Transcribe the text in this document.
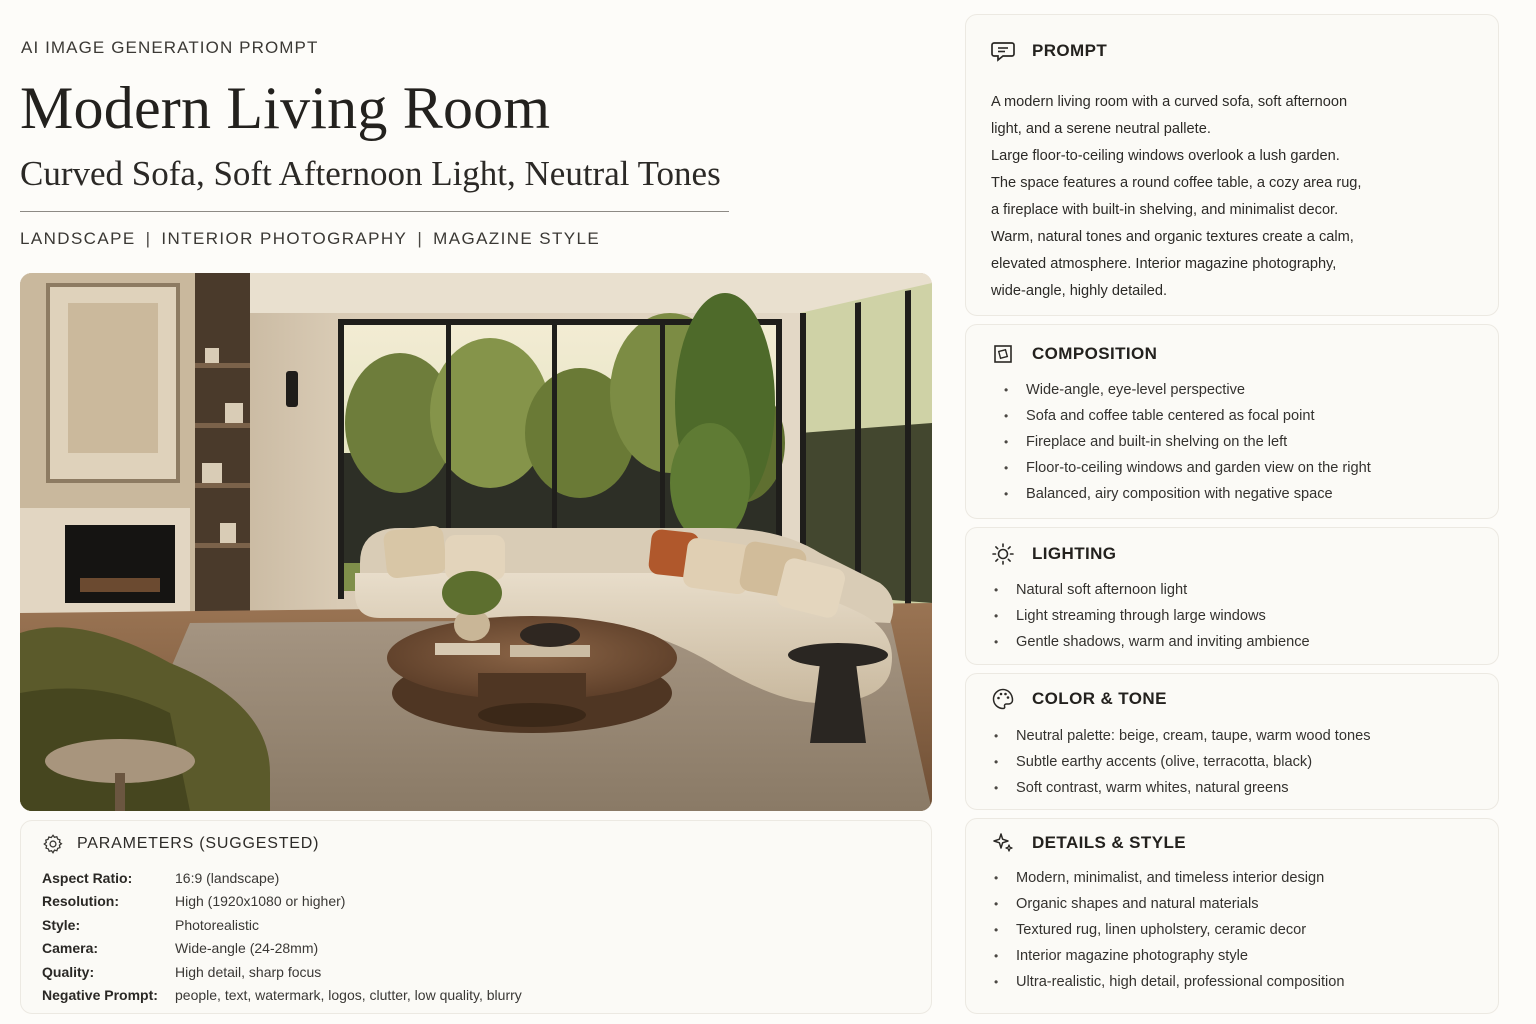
AI IMAGE GENERATION PROMPT
Modern Living Room
Curved Sofa, Soft Afternoon Light, Neutral Tones
LANDSCAPE | INTERIOR PHOTOGRAPHY | MAGAZINE STYLE
PARAMETERS (SUGGESTED)
Aspect Ratio:	16:9 (landscape)
Resolution:	High (1920x1080 or higher)
Style:	Photorealistic
Camera:	Wide-angle (24-28mm)
Quality:	High detail, sharp focus
Negative Prompt:	people, text, watermark, logos, clutter, low quality, blurry
PROMPT

A modern living room with a curved sofa, soft afternoon

light, and a serene neutral pallete.

Large floor-to-ceiling windows overlook a lush garden.

The space features a round coffee table, a cozy area rug,

a fireplace with built-in shelving, and minimalist decor.

Warm, natural tones and organic textures create a calm,

elevated atmosphere. Interior magazine photography,

wide-angle, highly detailed.

COMPOSITION
• Wide-angle, eye-level perspective
• Sofa and coffee table centered as focal point
• Fireplace and built-in shelving on the left
• Floor-to-ceiling windows and garden view on the right
• Balanced, airy composition with negative space
LIGHTING
• Natural soft afternoon light
• Light streaming through large windows
• Gentle shadows, warm and inviting ambience
COLOR & TONE
• Neutral palette: beige, cream, taupe, warm wood tones
• Subtle earthy accents (olive, terracotta, black)
• Soft contrast, warm whites, natural greens
DETAILS & STYLE
• Modern, minimalist, and timeless interior design
• Organic shapes and natural materials
• Textured rug, linen upholstery, ceramic decor
• Interior magazine photography style
• Ultra-realistic, high detail, professional composition
